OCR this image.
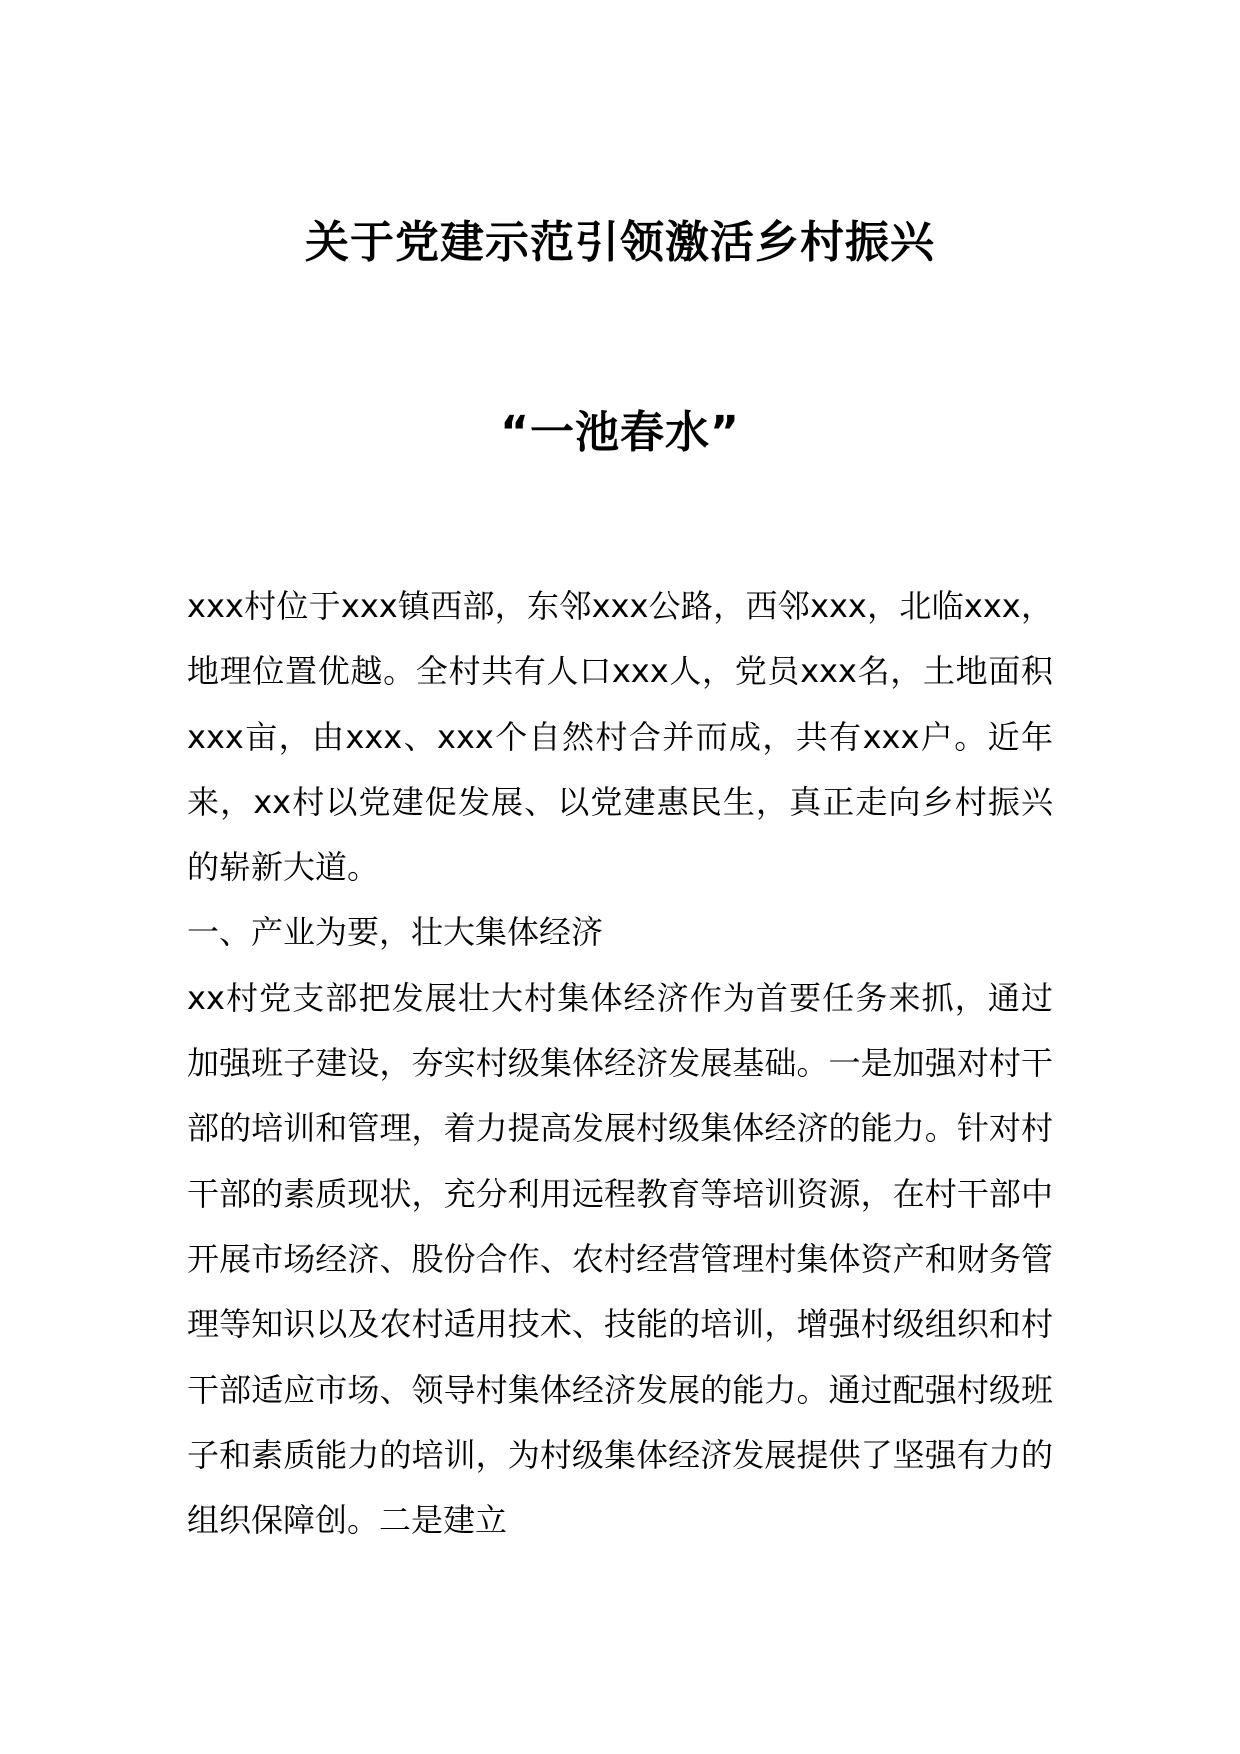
关于党建示范引领激活乡村振兴
“一池春水”

xxx村位于xxx镇西部，东邻xxx公路，西邻xxx，北临xxx，地理位置优越。全村共有人口xxx人，党员xxx名，土地面积xxx亩，由xxx、xxx个自然村合并而成，共有xxx户。近年来，xx村以党建促发展、以党建惠民生，真正走向乡村振兴的崭新大道。

一、产业为要，壮大集体经济

xx村党支部把发展壮大村集体经济作为首要任务来抓，通过加强班子建设，夯实村级集体经济发展基础。一是加强对村干部的培训和管理，着力提高发展村级集体经济的能力。针对村干部的素质现状，充分利用远程教育等培训资源，在村干部中开展市场经济、股份合作、农村经营管理村集体资产和财务管理等知识以及农村适用技术、技能的培训，增强村级组织和村干部适应市场、领导村集体经济发展的能力。通过配强村级班子和素质能力的培训，为村级集体经济发展提供了坚强有力的组织保障创。二是建立
